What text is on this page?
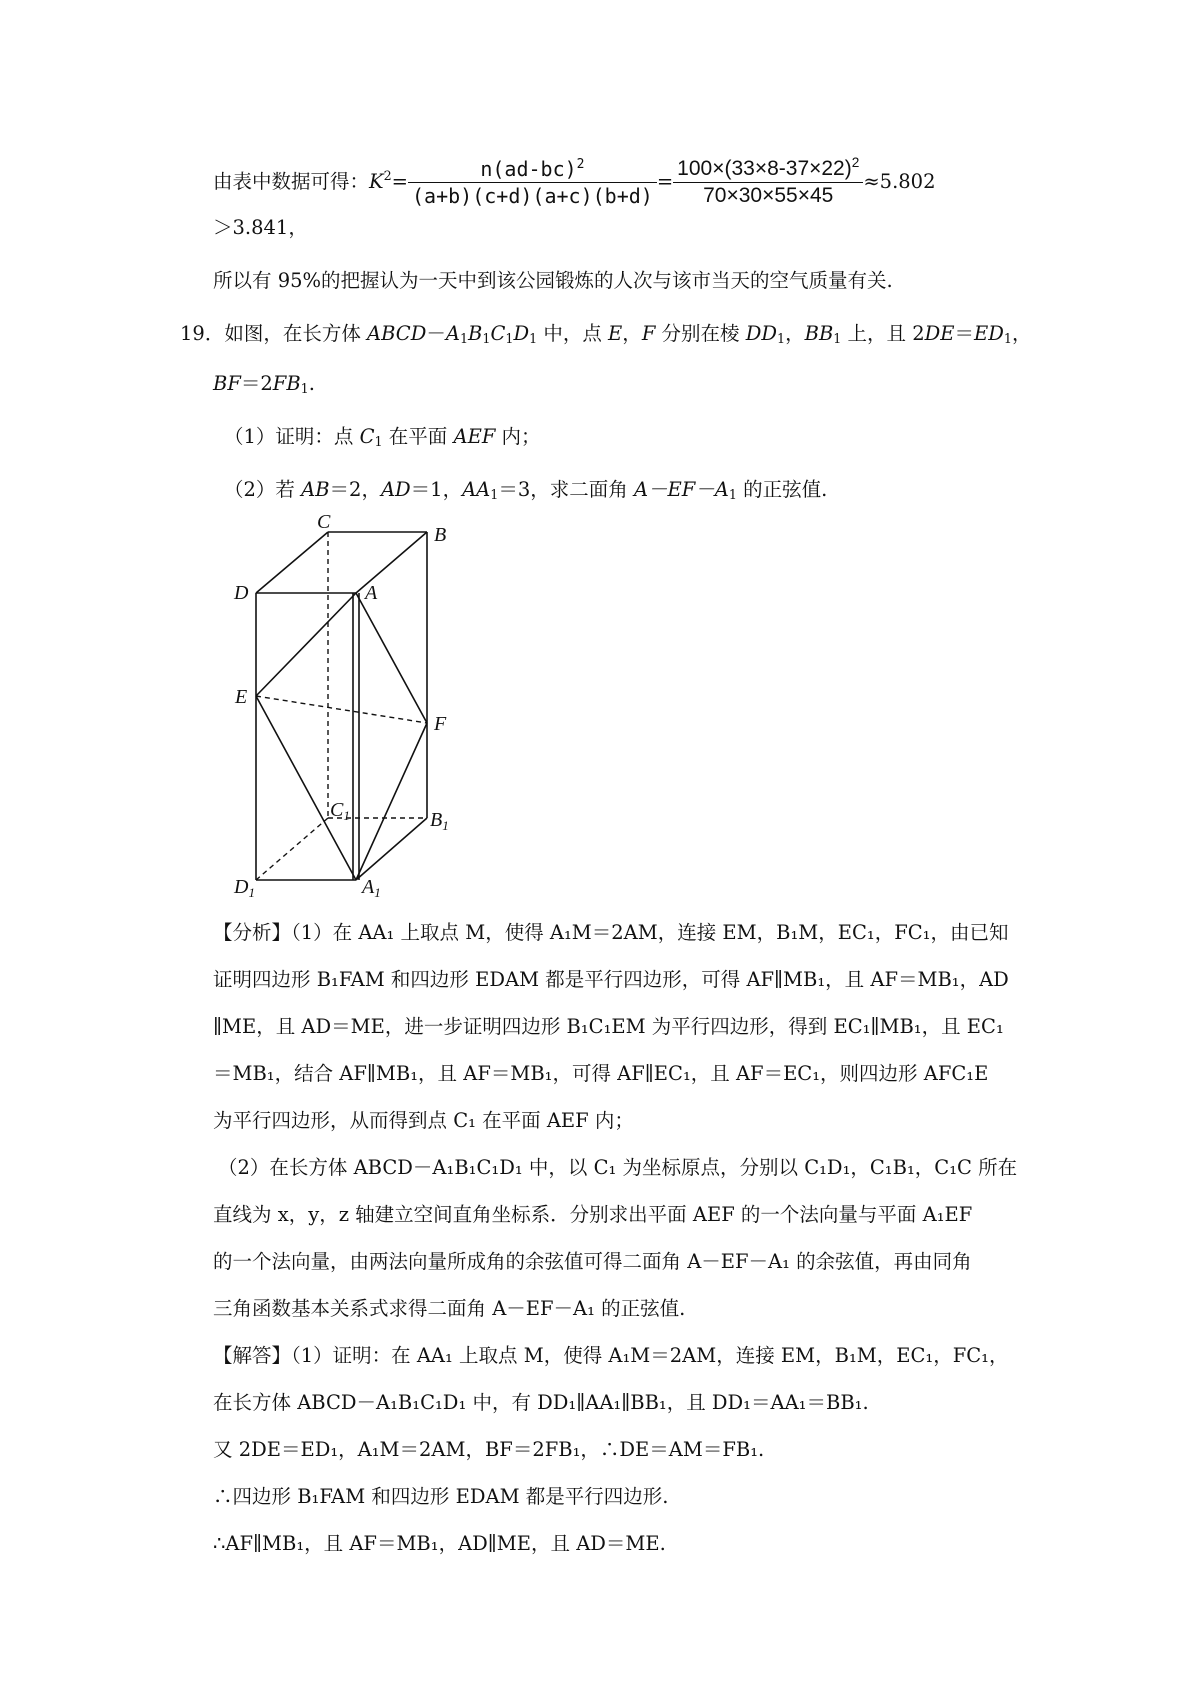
由表中数据可得：$K^2= \frac{n(ad-bc)^2}{(a+b)(c+d)(a+c)(b+d)} = \frac{100\times(33\times 8-37\times 22)^2}{70\times 30\times 55\times 45} \approx 5.802$
＞3.841，
所以有 95%的把握认为一天中到该公园锻炼的人次与该市当天的空气质量有关.
19．如图，在长方体 $ABCD-A_1B_1C_1D_1$ 中，点 E，F 分别在棱 $DD_1$，$BB_1$ 上，且 $2DE=ED_1$，
$BF=2FB_1$.
（1）证明：点 $C_1$ 在平面 AEF 内；
（2）若 AB＝2，AD＝1，$AA_1=3$，求二面角 $A-EF-A_1$ 的正弦值.
C
B
D	A
E
F
$C_1$	$B_1$
$D_1$	$A_1$
【分析】（1）在 AA₁ 上取点 M，使得 A₁M＝2AM，连接 EM，B₁M，EC₁，FC₁，由已知
证明四边形 B₁FAM 和四边形 EDAM 都是平行四边形，可得 AF∥MB₁，且 AF＝MB₁，AD
∥ME，且 AD＝ME，进一步证明四边形 B₁C₁EM 为平行四边形，得到 EC₁∥MB₁，且 EC₁
＝MB₁，结合 AF∥MB₁，且 AF＝MB₁，可得 AF∥EC₁，且 AF＝EC₁，则四边形 AFC₁E
为平行四边形，从而得到点 C₁ 在平面 AEF 内；
（2）在长方体 ABCD－A₁B₁C₁D₁ 中，以 C₁ 为坐标原点，分别以 C₁D₁，C₁B₁，C₁C 所在
直线为 x，y，z 轴建立空间直角坐标系．分别求出平面 AEF 的一个法向量与平面 A₁EF
的一个法向量，由两法向量所成角的余弦值可得二面角 A－EF－A₁ 的余弦值，再由同角
三角函数基本关系式求得二面角 A－EF－A₁ 的正弦值.
【解答】（1）证明：在 AA₁ 上取点 M，使得 A₁M＝2AM，连接 EM，B₁M，EC₁，FC₁，
在长方体 ABCD－A₁B₁C₁D₁ 中，有 DD₁∥AA₁∥BB₁，且 DD₁＝AA₁＝BB₁.
又 2DE＝ED₁，A₁M＝2AM，BF＝2FB₁，∴DE＝AM＝FB₁.
∴四边形 B₁FAM 和四边形 EDAM 都是平行四边形.
∴AF∥MB₁，且 AF＝MB₁，AD∥ME，且 AD＝ME.
